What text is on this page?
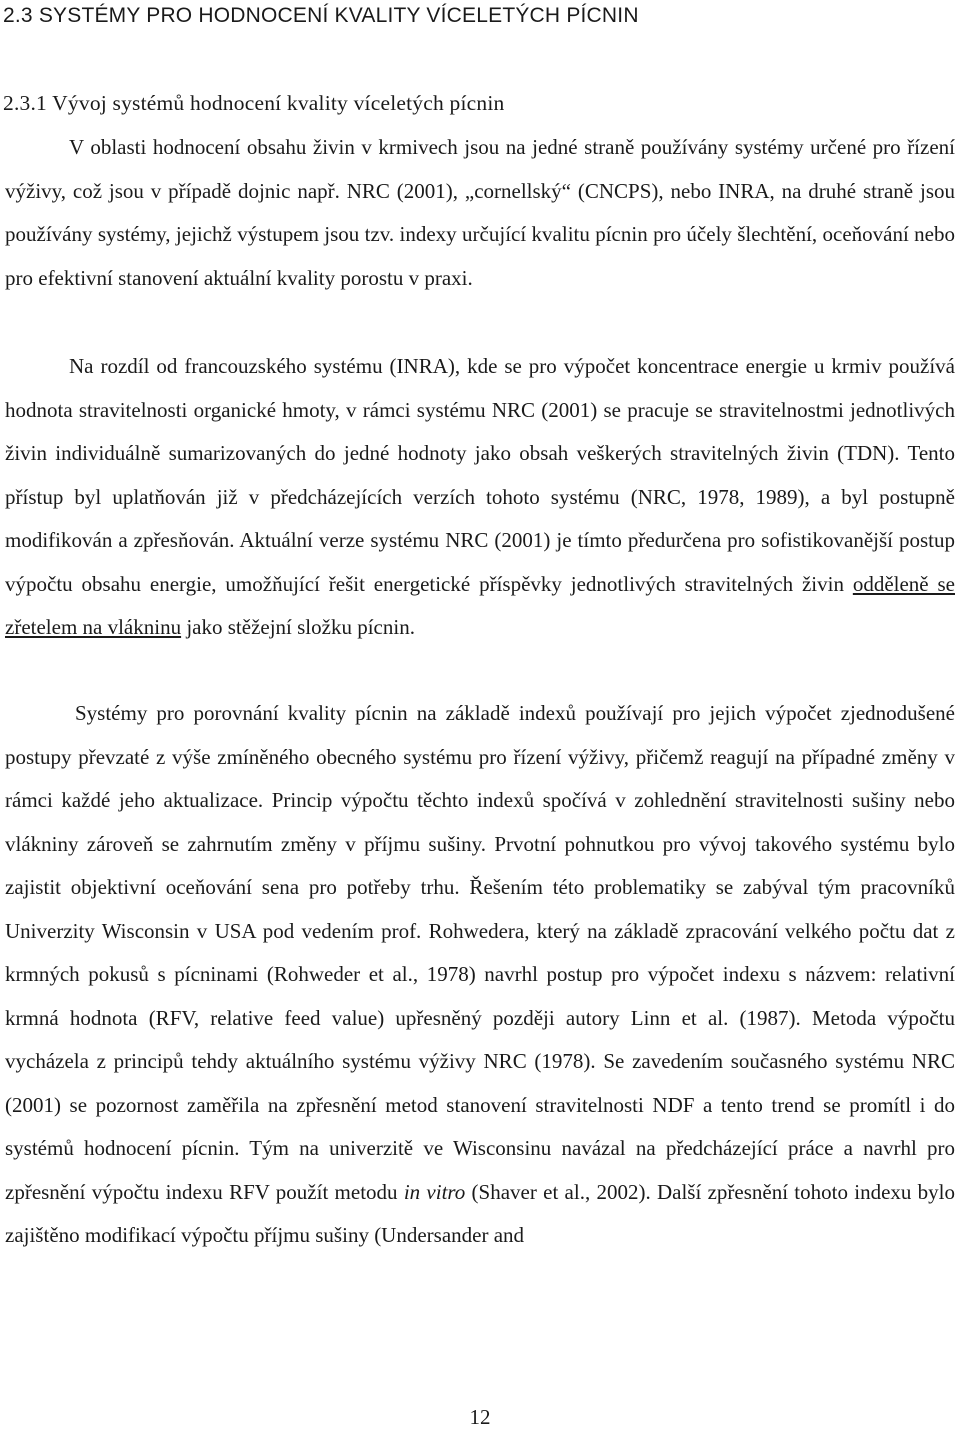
2.3 SYSTÉMY PRO HODNOCENÍ KVALITY VÍCELETÝCH PÍCNIN
2.3.1 Vývoj systémů hodnocení kvality víceletých pícnin

V oblasti hodnocení obsahu živin v krmivech jsou na jedné straně používány systémy určené pro řízení výživy, což jsou v případě dojnic např. NRC (2001), „cornellský“ (CNCPS), nebo INRA, na druhé straně jsou používány systémy, jejichž výstupem jsou tzv. indexy určující kvalitu pícnin pro účely šlechtění, oceňování nebo pro efektivní stanovení aktuální kvality porostu v praxi.

Na rozdíl od francouzského systému (INRA), kde se pro výpočet koncentrace energie u krmiv používá hodnota stravitelnosti organické hmoty, v rámci systému NRC (2001) se pracuje se stravitelnostmi jednotlivých živin individuálně sumarizovaných do jedné hodnoty jako obsah veškerých stravitelných živin (TDN). Tento přístup byl uplatňován již v předcházejících verzích tohoto systému (NRC, 1978, 1989), a byl postupně modifikován a zpřesňován. Aktuální verze systému NRC (2001) je tímto předurčena pro sofistikovanější postup výpočtu obsahu energie, umožňující řešit energetické příspěvky jednotlivých stravitelných živin odděleně se zřetelem na vlákninu jako stěžejní složku pícnin.

Systémy pro porovnání kvality pícnin na základě indexů používají pro jejich výpočet zjednodušené postupy převzaté z výše zmíněného obecného systému pro řízení výživy, přičemž reagují na případné změny v rámci každé jeho aktualizace. Princip výpočtu těchto indexů spočívá v zohlednění stravitelnosti sušiny nebo vlákniny zároveň se zahrnutím změny v příjmu sušiny. Prvotní pohnutkou pro vývoj takového systému bylo zajistit objektivní oceňování sena pro potřeby trhu. Řešením této problematiky se zabýval tým pracovníků Univerzity Wisconsin v USA pod vedením prof. Rohwedera, který na základě zpracování velkého počtu dat z krmných pokusů s pícninami (Rohweder et al., 1978) navrhl postup pro výpočet indexu s názvem: relativní krmná hodnota (RFV, relative feed value) upřesněný později autory Linn et al. (1987). Metoda výpočtu vycházela z principů tehdy aktuálního systému výživy NRC (1978). Se zavedením současného systému NRC (2001) se pozornost zaměřila na zpřesnění metod stanovení stravitelnosti NDF a tento trend se promítl i do systémů hodnocení pícnin. Tým na univerzitě ve Wisconsinu navázal na předcházející práce a navrhl pro zpřesnění výpočtu indexu RFV použít metodu in vitro (Shaver et al., 2002). Další zpřesnění tohoto indexu bylo zajištěno modifikací výpočtu příjmu sušiny (Undersander and

12
